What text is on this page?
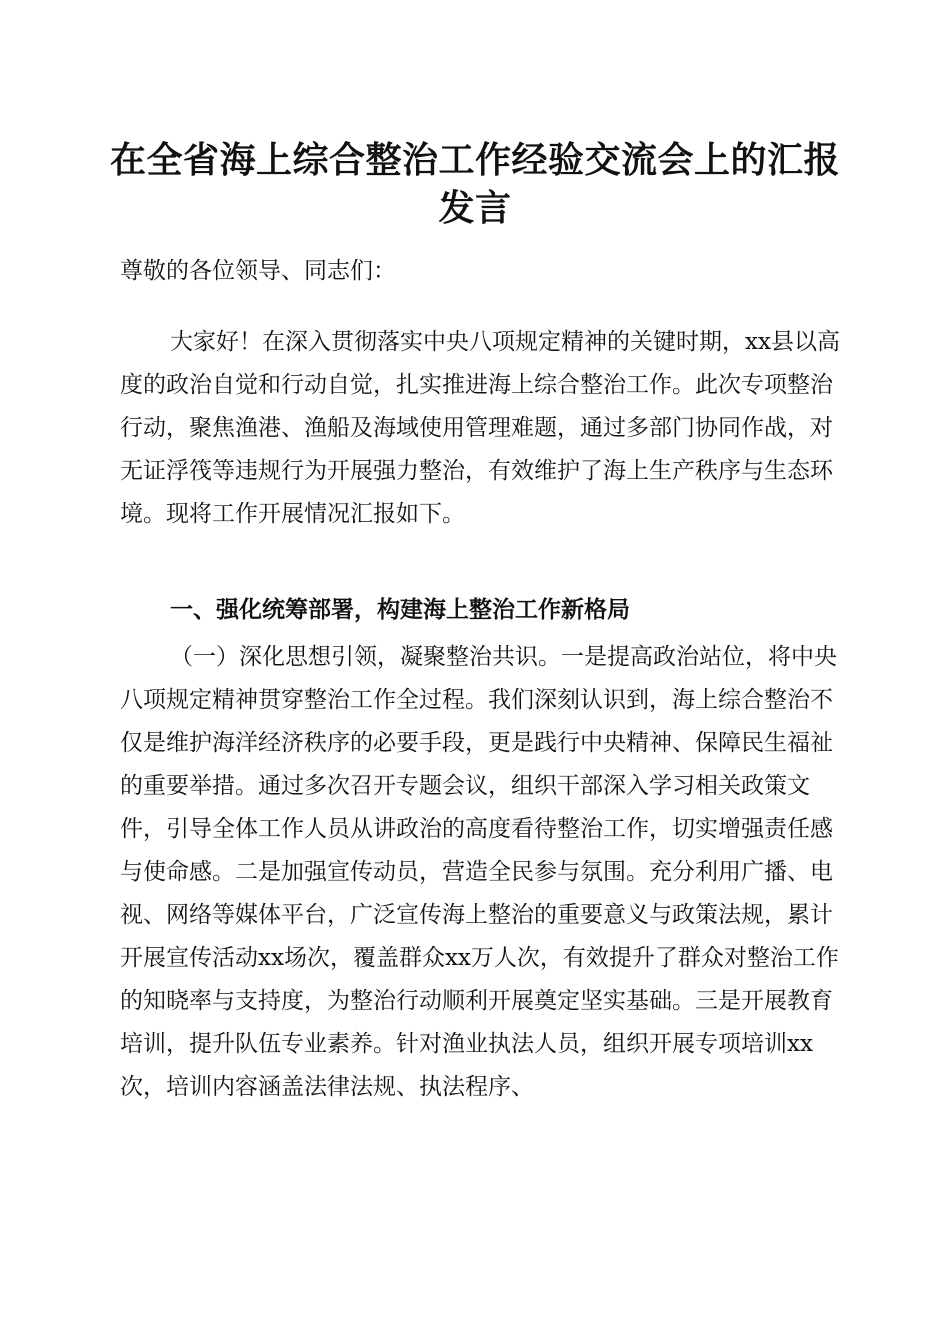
在全省海上综合整治工作经验交流会上的汇报
发言

尊敬的各位领导、同志们：

大家好！在深入贯彻落实中央八项规定精神的关键时期，xx县以高度的政治自觉和行动自觉，扎实推进海上综合整治工作。此次专项整治行动，聚焦渔港、渔船及海域使用管理难题，通过多部门协同作战，对无证浮筏等违规行为开展强力整治，有效维护了海上生产秩序与生态环境。现将工作开展情况汇报如下。

一、强化统筹部署，构建海上整治工作新格局

（一）深化思想引领，凝聚整治共识。一是提高政治站位，将中央八项规定精神贯穿整治工作全过程。我们深刻认识到，海上综合整治不仅是维护海洋经济秩序的必要手段，更是践行中央精神、保障民生福祉的重要举措。通过多次召开专题会议，组织干部深入学习相关政策文件，引导全体工作人员从讲政治的高度看待整治工作，切实增强责任感与使命感。二是加强宣传动员，营造全民参与氛围。充分利用广播、电视、网络等媒体平台，广泛宣传海上整治的重要意义与政策法规，累计开展宣传活动xx场次，覆盖群众xx万人次，有效提升了群众对整治工作的知晓率与支持度，为整治行动顺利开展奠定坚实基础。三是开展教育培训，提升队伍专业素养。针对渔业执法人员，组织开展专项培训xx次，培训内容涵盖法律法规、执法程序、
